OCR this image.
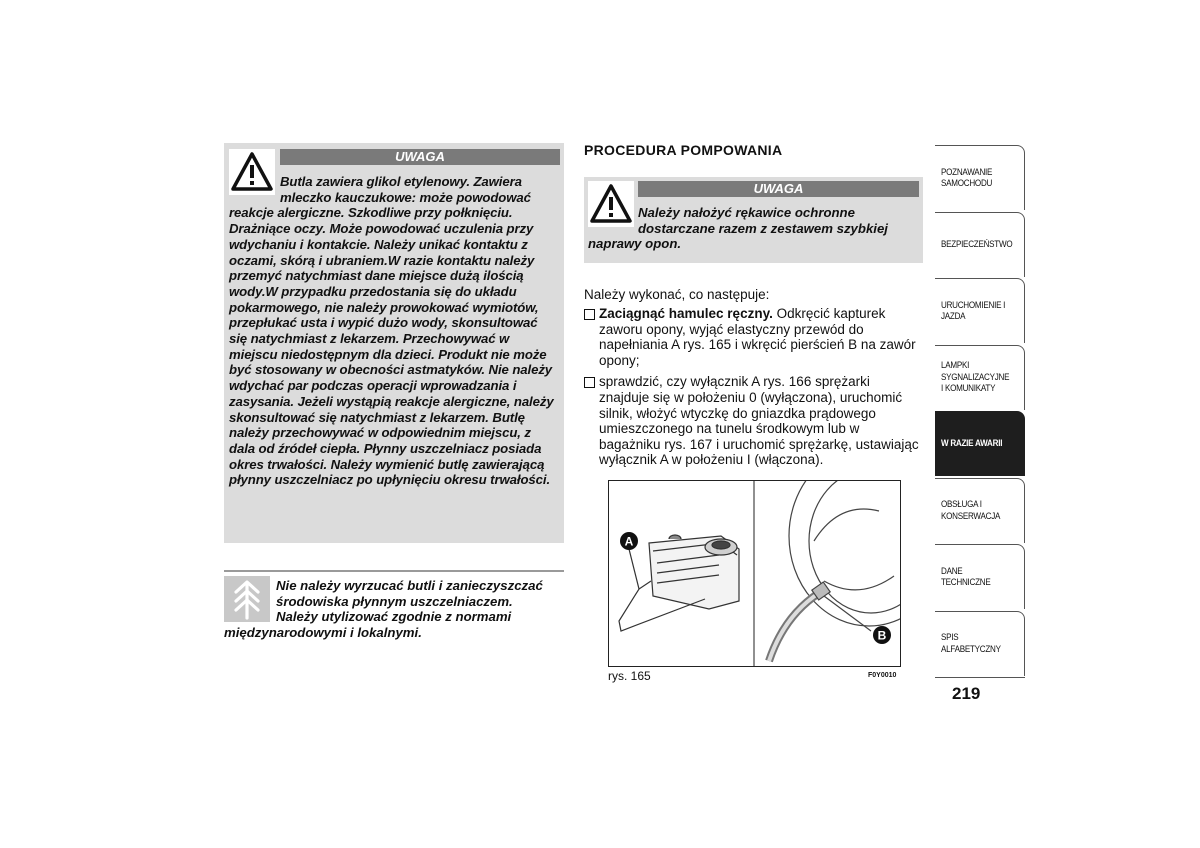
UWAGA
Butla zawiera glikol etylenowy. Zawiera mleczko kauczukowe: może powodować reakcje alergiczne. Szkodliwe przy połknięciu. Drażniące oczy. Może powodować uczulenia przy wdychaniu i kontakcie. Należy unikać kontaktu z oczami, skórą i ubraniem.W razie kontaktu należy przemyć natychmiast dane miejsce dużą ilością wody.W przypadku przedostania się do układu pokarmowego, nie należy prowokować wymiotów, przepłukać usta i wypić dużo wody, skonsultować się natychmiast z lekarzem. Przechowywać w miejscu niedostępnym dla dzieci. Produkt nie może być stosowany w obecności astmatyków. Nie należy wdychać par podczas operacji wprowadzania i zasysania. Jeżeli wystąpią reakcje alergiczne, należy skonsultować się natychmiast z lekarzem. Butlę należy przechowywać w odpowiednim miejscu, z dala od źródeł ciepła. Płynny uszczelniacz posiada okres trwałości. Należy wymienić butlę zawierającą płynny uszczelniacz po upłynięciu okresu trwałości.
Nie należy wyrzucać butli i zanieczyszczać środowiska płynnym uszczelniaczem. Należy utylizować zgodnie z normami międzynarodowymi i lokalnymi.
PROCEDURA POMPOWANIA
UWAGA
Należy nałożyć rękawice ochronne dostarczane razem z zestawem szybkiej naprawy opon.
Należy wykonać, co następuje:
Zaciągnąć hamulec ręczny. Odkręcić kapturek zaworu opony, wyjąć elastyczny przewód do napełniania A rys. 165 i wkręcić pierścień B na zawór opony;
sprawdzić, czy wyłącznik A rys. 166 sprężarki znajduje się w położeniu 0 (wyłączona), uruchomić silnik, włożyć wtyczkę do gniazdka prądowego umieszczonego na tunelu środkowym lub w bagażniku rys. 167 i uruchomić sprężarkę, ustawiając wyłącznik A w położeniu I (włączona).
A
B
rys. 165	F0Y0010
POZNAWANIE SAMOCHODU
BEZPIECZEŃSTWO
URUCHOMIENIE I JAZDA
LAMPKI SYGNALIZACYJNE I KOMUNIKATY
W RAZIE AWARII
OBSŁUGA I KONSERWACJA
DANE TECHNICZNE
SPIS ALFABETYCZNY
219
